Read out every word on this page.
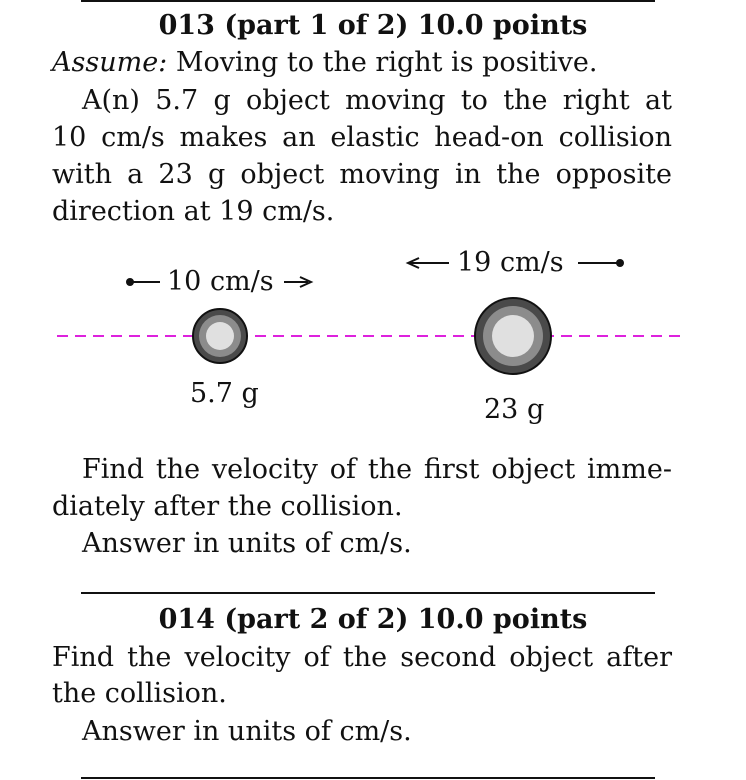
013 (part 1 of 2) 10.0 points
Assume: Moving to the right is positive.
A(n) 5.7 g object moving to the right at
10 cm/s makes an elastic head-on collision
with a 23 g object moving in the opposite
direction at 19 cm/s.
10 cm/s
19 cm/s
5.7 g
23 g
Find the velocity of the first object imme-
diately after the collision.
Answer in units of cm/s.
014 (part 2 of 2) 10.0 points
Find the velocity of the second object after
the collision.
Answer in units of cm/s.
